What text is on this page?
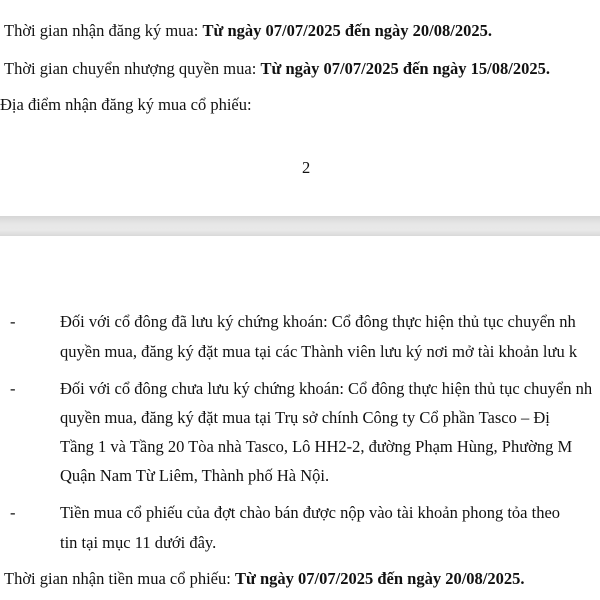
Thời gian nhận đăng ký mua: Từ ngày 07/07/2025 đến ngày 20/08/2025.
Thời gian chuyển nhượng quyền mua: Từ ngày 07/07/2025 đến ngày 15/08/2025.
Địa điểm nhận đăng ký mua cổ phiếu:
2
-	Đối với cổ đông đã lưu ký chứng khoán: Cổ đông thực hiện thủ tục chuyển nh
quyền mua, đăng ký đặt mua tại các Thành viên lưu ký nơi mở tài khoản lưu k
-	Đối với cổ đông chưa lưu ký chứng khoán: Cổ đông thực hiện thủ tục chuyển nh
quyền mua, đăng ký đặt mua tại Trụ sở chính Công ty Cổ phần Tasco – Đị
Tầng 1 và Tầng 20 Tòa nhà Tasco, Lô HH2-2, đường Phạm Hùng, Phường M
Quận Nam Từ Liêm, Thành phố Hà Nội.
-	Tiền mua cổ phiếu của đợt chào bán được nộp vào tài khoản phong tỏa theo
tin tại mục 11 dưới đây.
Thời gian nhận tiền mua cổ phiếu: Từ ngày 07/07/2025 đến ngày 20/08/2025.
